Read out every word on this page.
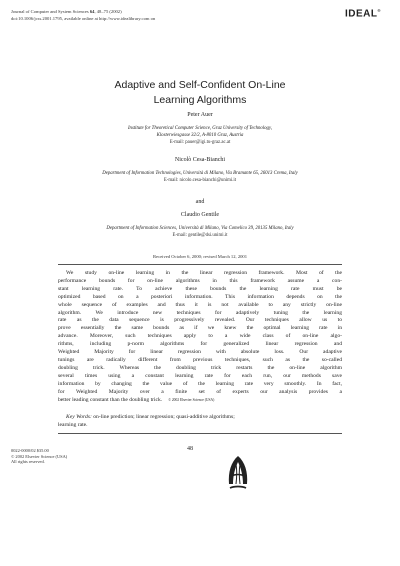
Journal of Computer and System Sciences 64, 48–75 (2002)
doi:10.1006/jcss.2001.1795, available online at http://www.idealibrary.com on	IDEAL®
Adaptive and Self-Confident On-Line
Learning Algorithms
Peter Auer
Institute for Theoretical Computer Science, Graz University of Technology,
Klosterwiesgasse 32/2, A-8010 Graz, Austria
E-mail: pauer@igi.tu-graz.ac.at
Nicolò Cesa-Bianchi
Department of Information Technologies, Università di Milano, Via Bramante 65, 26013 Crema, Italy
E-mail: nicolo.cesa-bianchi@unimi.it
and
Claudio Gentile
Department of Information Sciences, Università di Milano, Via Comelico 39, 20135 Milano, Italy
E-mail: gentile@dsi.unimi.it
Received October 6, 2000; revised March 12, 2001
We study on-line learning in the linear regression framework. Most of the
performance bounds for on-line algorithms in this framework assume a con-
stant learning rate. To achieve these bounds the learning rate must be
optimized based on a posteriori information. This information depends on the
whole sequence of examples and thus it is not available to any strictly on-line
algorithm. We introduce new techniques for adaptively tuning the learning
rate as the data sequence is progressively revealed. Our techniques allow us to
prove essentially the same bounds as if we knew the optimal learning rate in
advance. Moreover, such techniques apply to a wide class of on-line algo-
rithms, including p-norm algorithms for generalized linear regression and
Weighted Majority for linear regression with absolute loss. Our adaptive
tunings are radically different from previous techniques, such as the so-called
doubling trick. Whereas the doubling trick restarts the on-line algorithm
several times using a constant learning rate for each run, our methods save
information by changing the value of the learning rate very smoothly. In fact,
for Weighted Majority over a finite set of experts our analysis provides a
better leading constant than the doubling trick. © 2002 Elsevier Science (USA)
Key Words: on-line prediction; linear regression; quasi-additive algorithms;
learning rate.
0022-0000/02 $35.00
© 2002 Elsevier Science (USA)
All rights reserved.
48
